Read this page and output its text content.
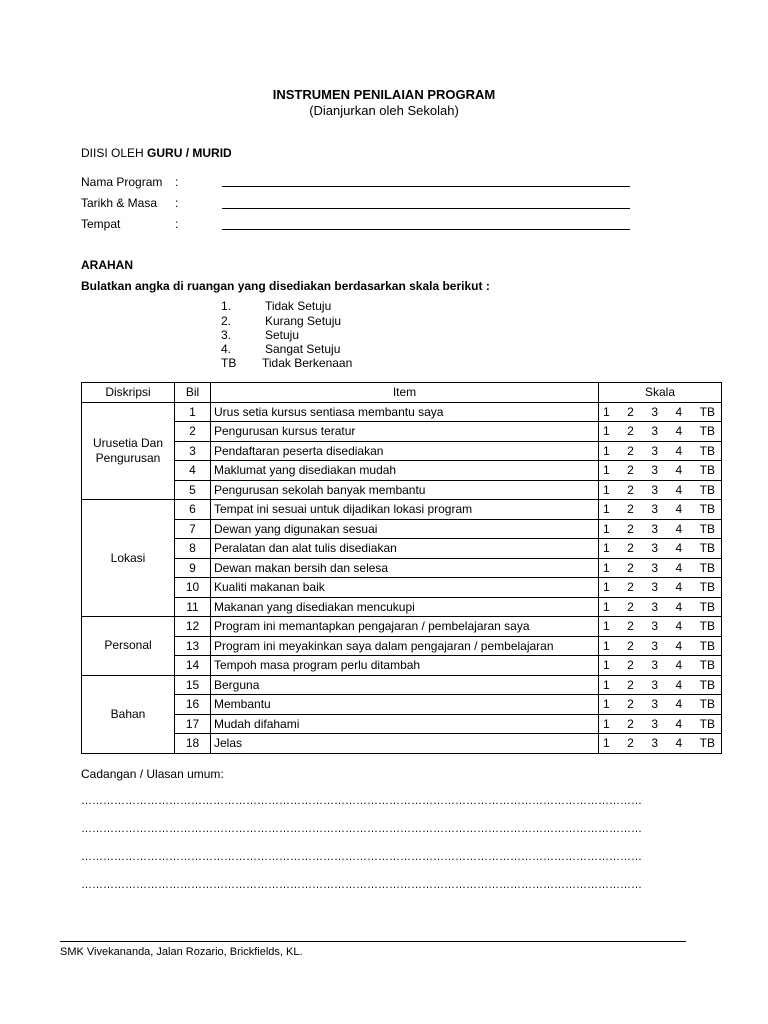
INSTRUMEN PENILAIAN PROGRAM
(Dianjurkan oleh Sekolah)
DIISI OLEH GURU / MURID
Nama Program :
Tarikh & Masa :
Tempat	:
ARAHAN
Bulatkan angka di ruangan yang disediakan berdasarkan skala berikut :
1.	Tidak Setuju
2.	Kurang Setuju
3.	Setuju
4.	Sangat Setuju
TB Tidak Berkenaan
Diskripsi	Bil	Item	Skala
Urusetia Dan Pengurusan	1	Urus setia kursus sentiasa membantu saya	1 2 3 4 TB

	2	Pengurusan kursus teratur	1 2 3 4 TB

	3	Pendaftaran peserta disediakan	1 2 3 4 TB

	4	Maklumat yang disediakan mudah	1 2 3 4 TB

	5	Pengurusan sekolah banyak membantu	1 2 3 4 TB

Lokasi	6	Tempat ini sesuai untuk dijadikan lokasi program	1 2 3 4 TB

	7	Dewan yang digunakan sesuai	1 2 3 4 TB

	8	Peralatan dan alat tulis disediakan	1 2 3 4 TB

	9	Dewan makan bersih dan selesa	1 2 3 4 TB

	10	Kualiti makanan baik	1 2 3 4 TB

	11	Makanan yang disediakan mencukupi	1 2 3 4 TB

Personal	12	Program ini memantapkan pengajaran / pembelajaran saya	1 2 3 4 TB

	13	Program ini meyakinkan saya dalam pengajaran / pembelajaran	1 2 3 4 TB

	14	Tempoh masa program perlu ditambah	1 2 3 4 TB

Bahan	15	Berguna	1 2 3 4 TB

	16	Membantu	1 2 3 4 TB

	17	Mudah difahami	1 2 3 4 TB

	18	Jelas	1 2 3 4 TB
Cadangan / Ulasan umum:
………………………………………………………………………………………………………………………………………
………………………………………………………………………………………………………………………………………
………………………………………………………………………………………………………………………………………
………………………………………………………………………………………………………………………………………
SMK Vivekananda, Jalan Rozario, Brickfields, KL.
